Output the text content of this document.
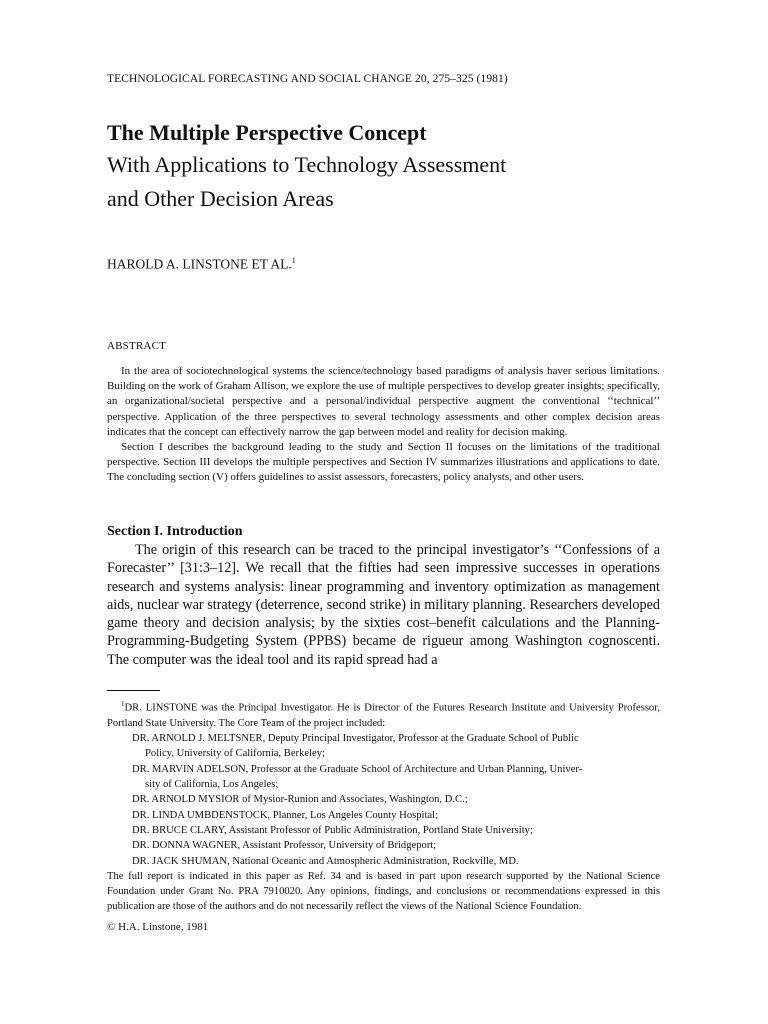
TECHNOLOGICAL FORECASTING AND SOCIAL CHANGE 20, 275–325 (1981)
The Multiple Perspective Concept
With Applications to Technology Assessment
and Other Decision Areas
HAROLD A. LINSTONE ET AL.$^1$
ABSTRACT

In the area of sociotechnological systems the science/technology based paradigms of analysis haver serious limitations. Building on the work of Graham Allison, we explore the use of multiple perspectives to develop greater insights; specifically, an organizational/societal perspective and a personal/individual perspective augment the conventional ‘‘technical’’ perspective. Application of the three perspectives to several technology assessments and other complex decision areas indicates that the concept can effectively narrow the gap between model and reality for decision making.

Section I describes the background leading to the study and Section II focuses on the limitations of the traditional perspective. Section III develops the multiple perspectives and Section IV summarizes illustrations and applications to date. The concluding section (V) offers guidelines to assist assessors, forecasters, policy analysts, and other users.

Section I. Introduction

The origin of this research can be traced to the principal investigator’s ‘‘Confessions of a Forecaster’’ [31:3–12]. We recall that the fifties had seen impressive successes in operations research and systems analysis: linear programming and inventory optimization as management aids, nuclear war strategy (deterrence, second strike) in military planning. Researchers developed game theory and decision analysis; by the sixties cost–benefit calculations and the Planning-Programming-Budgeting System (PPBS) became de rigueur among Washington cognoscenti. The computer was the ideal tool and its rapid spread had a

$^1$DR. LINSTONE was the Principal Investigator. He is Director of the Futures Research Institute and University Professor, Portland State University. The Core Team of the project included:

DR. ARNOLD J. MELTSNER, Deputy Principal Investigator, Professor at the Graduate School of Public
Policy, University of California, Berkeley;

DR. MARVIN ADELSON, Professor at the Graduate School of Architecture and Urban Planning, Univer-
sity of California, Los Angeles;

DR. ARNOLD MYSIOR of Mysior-Runion and Associates, Washington, D.C.;

DR. LINDA UMBDENSTOCK, Planner, Los Angeles County Hospital;

DR. BRUCE CLARY, Assistant Professor of Public Administration, Portland State University;

DR. DONNA WAGNER, Assistant Professor, University of Bridgeport;

DR. JACK SHUMAN, National Oceanic and Atmospheric Administration, Rockville, MD.

The full report is indicated in this paper as Ref. 34 and is based in part upon research supported by the National Science Foundation under Grant No. PRA 7910020. Any opinions, findings, and conclusions or recommendations expressed in this publication are those of the authors and do not necessarily reflect the views of the National Science Foundation.

© H.A. Linstone, 1981
